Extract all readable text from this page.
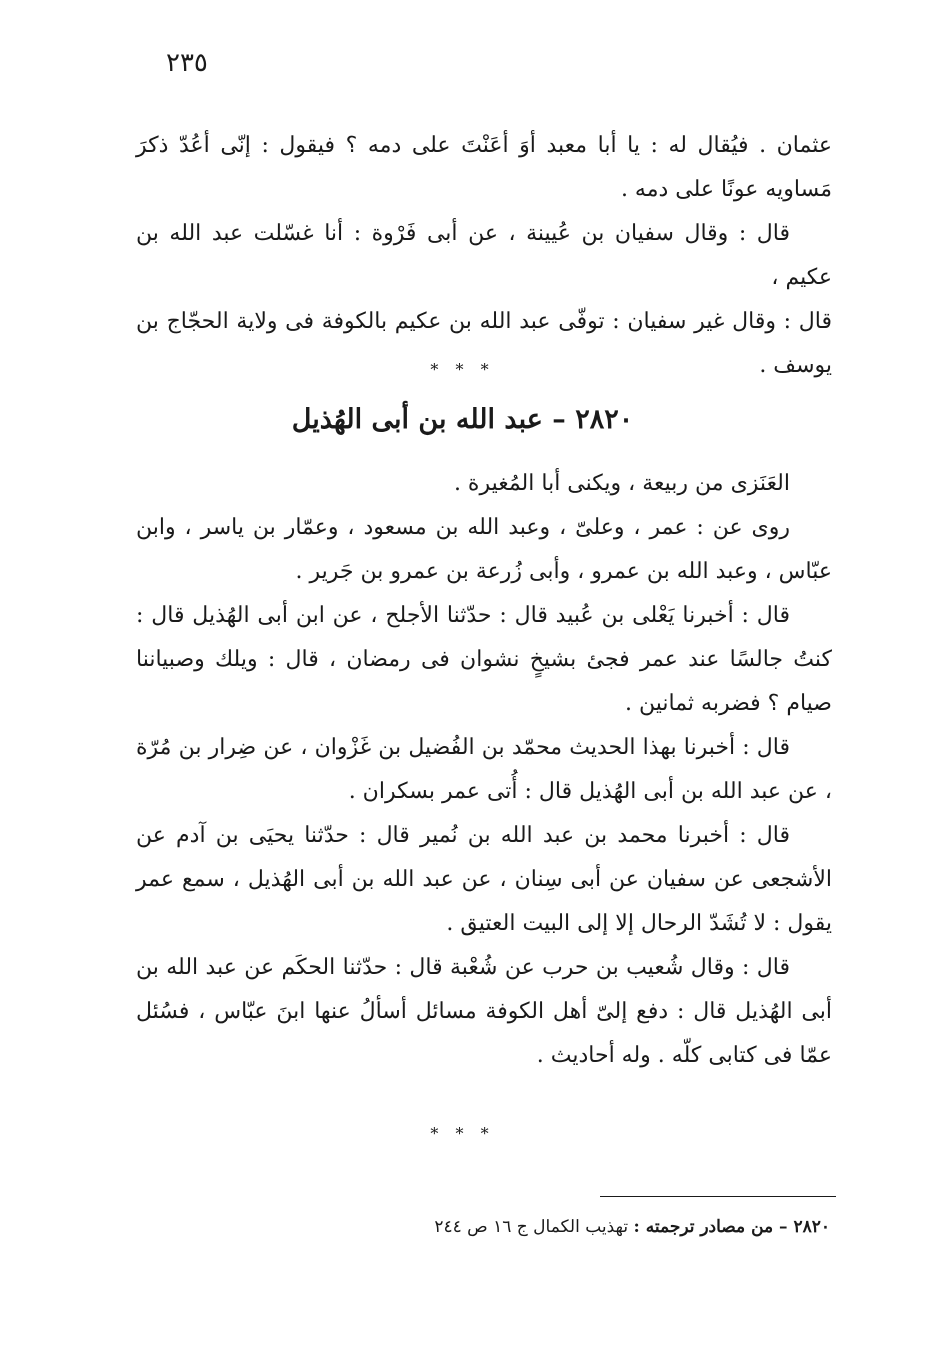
٢٣٥

عثمان . فيُقال له : يا أبا معبد أوَ أعَنْتَ على دمه ؟ فيقول : إنّى أعُدّ ذكرَ مَساويه عونًا على دمه .

قال : وقال سفيان بن عُيينة ، عن أبى فَرْوة : أنا غسّلت عبد الله بن عكيم ،

قال : وقال غير سفيان : توفّى عبد الله بن عكيم بالكوفة فى ولاية الحجّاج بن يوسف .

* * *
٢٨٢٠ – عبد الله بن أبى الهُذيل

العَنَزى من ربيعة ، ويكنى أبا المُغيرة .

روى عن : عمر ، وعلىّ ، وعبد الله بن مسعود ، وعمّار بن ياسر ، وابن عبّاس ، وعبد الله بن عمرو ، وأبى زُرعة بن عمرو بن جَرير .

قال : أخبرنا يَعْلى بن عُبيد قال : حدّثنا الأجلح ، عن ابن أبى الهُذيل قال : كنتُ جالسًا عند عمر فجئ بشيخٍ نشوان فى رمضان ، قال : ويلك وصبياننا صيام ؟ فضربه ثمانين .

قال : أخبرنا بهذا الحديث محمّد بن الفُضيل بن غَزْوان ، عن ضِرار بن مُرّة ، عن عبد الله بن أبى الهُذيل قال : أُتى عمر بسكران .

قال : أخبرنا محمد بن عبد الله بن نُمير قال : حدّثنا يحيَى بن آدم عن الأشجعى عن سفيان عن أبى سِنان ، عن عبد الله بن أبى الهُذيل ، سمع عمر يقول : لا تُشَدّ الرحال إلا إلى البيت العتيق .

قال : وقال شُعيب بن حرب عن شُعْبة قال : حدّثنا الحكَم عن عبد الله بن أبى الهُذيل قال : دفع إلىّ أهل الكوفة مسائل أسألُ عنها ابنَ عبّاس ، فسُئل عمّا فى كتابى كلّه . وله أحاديث .

* * *
٢٨٢٠ – من مصادر ترجمته : تهذيب الكمال ج ١٦ ص ٢٤٤
